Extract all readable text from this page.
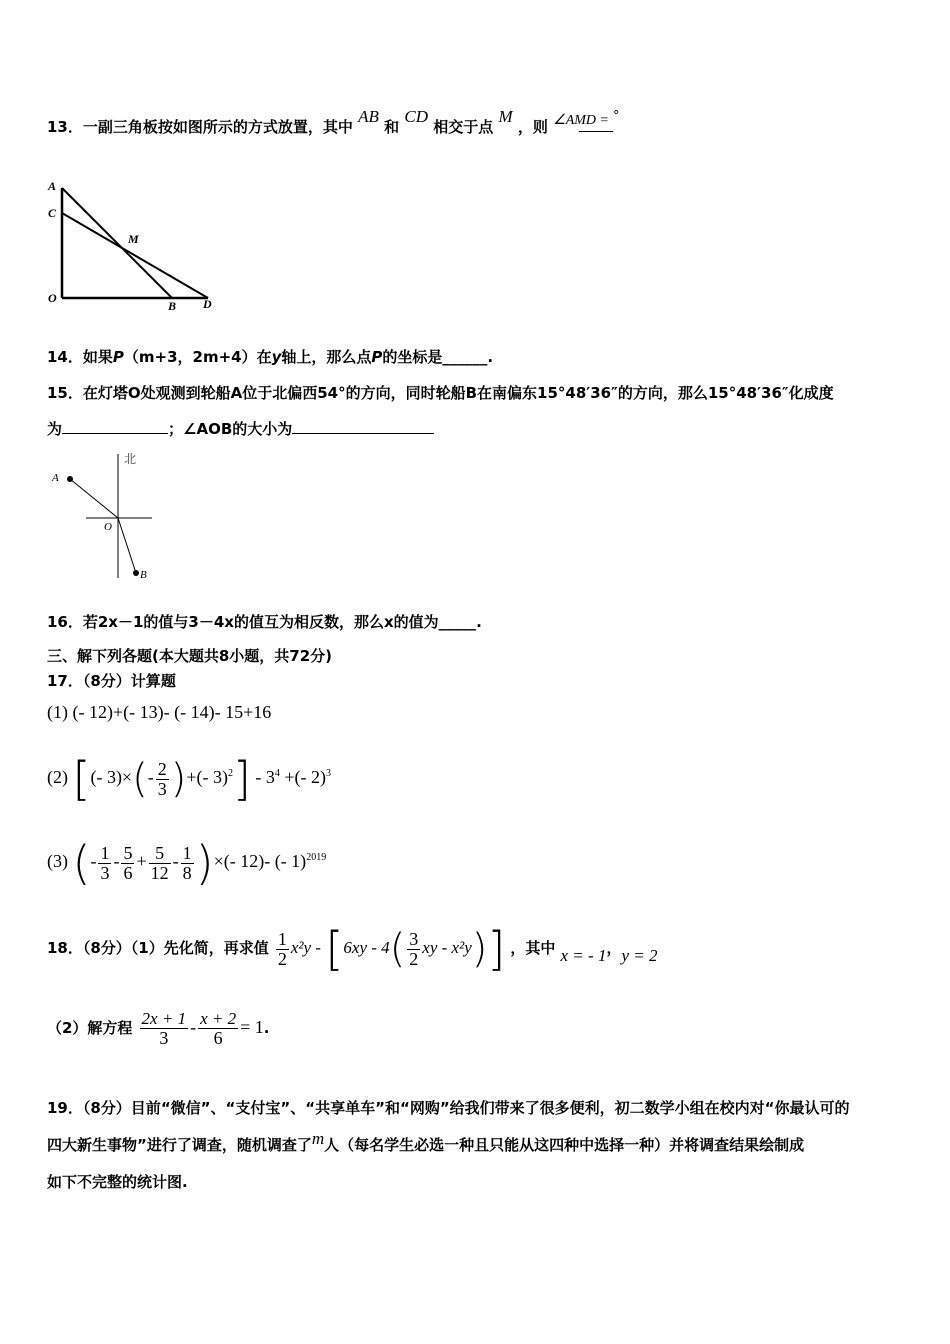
13．一副三角板按如图所示的方式放置，其中 AB 和 CD 相交于点 M ，则 ∠AMD = °
A
C
M
O
B D
14．如果P（m+3，2m+4）在y轴上，那么点P的坐标是______.
15．在灯塔O处观测到轮船A位于北偏西54°的方向，同时轮船B在南偏东15°48′36″的方向，那么15°48′36″化成度
为	；∠AOB的大小为
北
A
O
B
16．若2x－1的值与3－4x的值互为相反数，那么x的值为_____.
三、解下列各题(本大题共8小题，共72分)
17．（8分）计算题
(1) (- 12)+(- 13)- (- 14)- 15+16
(2) [(- $3)\times(- \frac{2}{3}$ )+(- $3)^2] - 3^4$ +(- 2)$^3$
(3) (- $\frac{1}{3} - \frac{5}{6} + \frac{5}{12} - \frac{1}{8}$ )×(- 12)- (- 1)$^{2019}$
18．（8分）（1）先化简，再求值 $\frac{1}{2} x^2y - [6xy - 4( \frac{3}{2}$ xy - x²y)] ，其中 x = - 1，y = 2
（2）解方程 $\frac{2x + 1}{3} - \frac{x + 2}{6} = 1$.
19．（8分）目前“微信”、“支付宝”、“共享单车”和“网购”给我们带来了很多便利，初二数学小组在校内对“你最认可的
四大新生事物”进行了调查，随机调查了m人（每名学生必选一种且只能从这四种中选择一种）并将调查结果绘制成
如下不完整的统计图.
